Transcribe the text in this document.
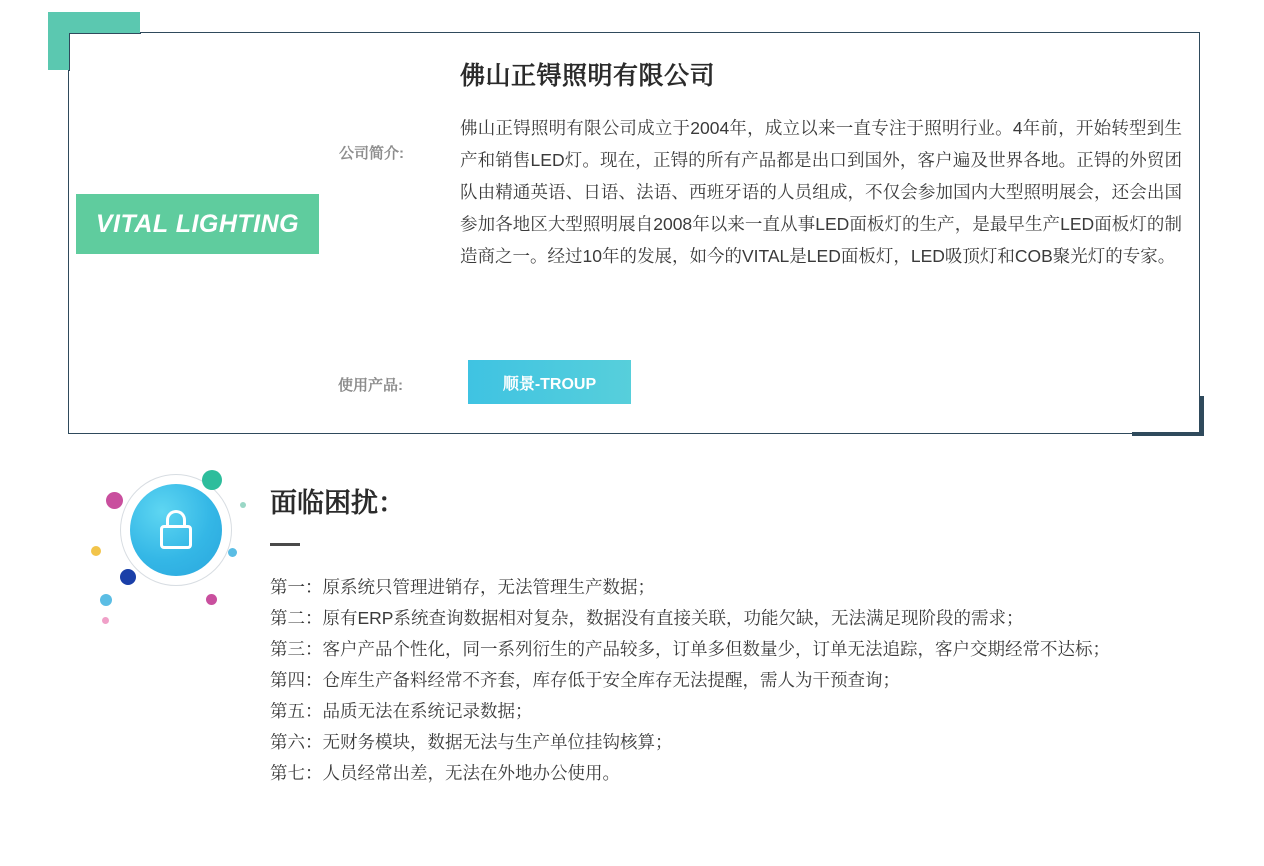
VITAL LIGHTING
佛山正锝照明有限公司
公司简介:
佛山正锝照明有限公司成立于2004年，成立以来一直专注于照明行业。4年前，开始转型到生产和销售LED灯。现在，正锝的所有产品都是出口到国外，客户遍及世界各地。正锝的外贸团队由精通英语、日语、法语、西班牙语的人员组成，不仅会参加国内大型照明展会，还会出国参加各地区大型照明展自2008年以来一直从事LED面板灯的生产，是最早生产LED面板灯的制造商之一。经过10年的发展，如今的VITAL是LED面板灯，LED吸顶灯和COB聚光灯的专家。
使用产品:	顺景-TROUP
面临困扰：
第一：原系统只管理进销存，无法管理生产数据；
第二：原有ERP系统查询数据相对复杂，数据没有直接关联，功能欠缺，无法满足现阶段的需求；
第三：客户产品个性化，同一系列衍生的产品较多，订单多但数量少，订单无法追踪，客户交期经常不达标；
第四：仓库生产备料经常不齐套，库存低于安全库存无法提醒，需人为干预查询；
第五：品质无法在系统记录数据；
第六：无财务模块，数据无法与生产单位挂钩核算；
第七：人员经常出差，无法在外地办公使用。
